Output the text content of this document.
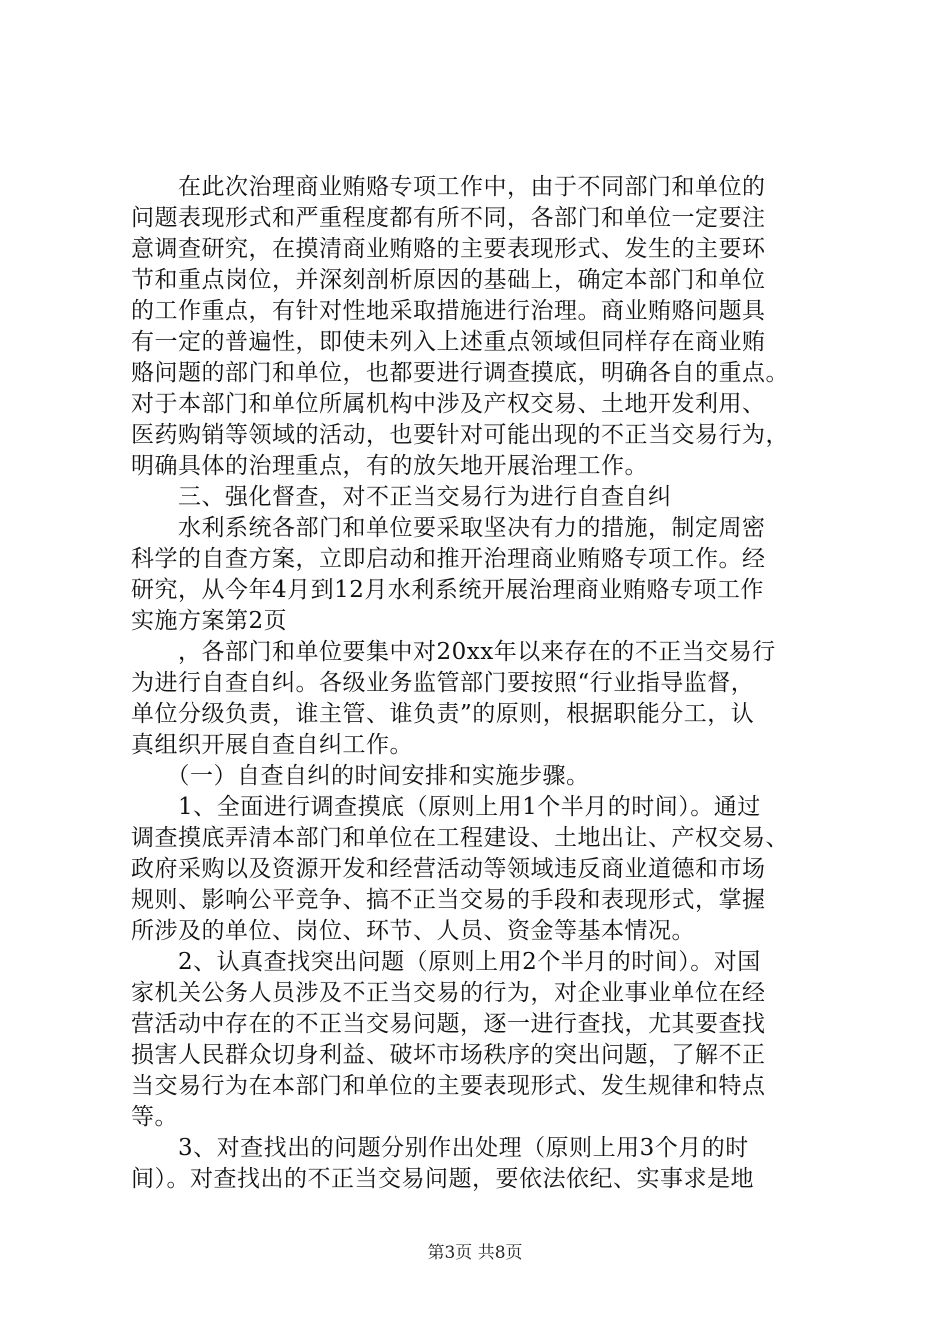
　　在此次治理商业贿赂专项工作中，由于不同部门和单位的
问题表现形式和严重程度都有所不同，各部门和单位一定要注
意调查研究，在摸清商业贿赂的主要表现形式、发生的主要环
节和重点岗位，并深刻剖析原因的基础上，确定本部门和单位
的工作重点，有针对性地采取措施进行治理。商业贿赂问题具
有一定的普遍性，即使未列入上述重点领域但同样存在商业贿
赂问题的部门和单位，也都要进行调查摸底，明确各自的重点。
对于本部门和单位所属机构中涉及产权交易、土地开发利用、
医药购销等领域的活动，也要针对可能出现的不正当交易行为，
明确具体的治理重点，有的放矢地开展治理工作。
　　三、强化督查，对不正当交易行为进行自查自纠
　　水利系统各部门和单位要采取坚决有力的措施，制定周密
科学的自查方案，立即启动和推开治理商业贿赂专项工作。经
研究，从今年4月到12月水利系统开展治理商业贿赂专项工作
实施方案第2页
　　，各部门和单位要集中对20xx年以来存在的不正当交易行
为进行自查自纠。各级业务监管部门要按照“行业指导监督，
单位分级负责，谁主管、谁负责”的原则，根据职能分工，认
真组织开展自查自纠工作。
　　（一）自查自纠的时间安排和实施步骤。
　　1、全面进行调查摸底（原则上用1个半月的时间）。通过
调查摸底弄清本部门和单位在工程建设、土地出让、产权交易、
政府采购以及资源开发和经营活动等领域违反商业道德和市场
规则、影响公平竞争、搞不正当交易的手段和表现形式，掌握
所涉及的单位、岗位、环节、人员、资金等基本情况。
　　2、认真查找突出问题（原则上用2个半月的时间）。对国
家机关公务人员涉及不正当交易的行为，对企业事业单位在经
营活动中存在的不正当交易问题，逐一进行查找，尤其要查找
损害人民群众切身利益、破坏市场秩序的突出问题，了解不正
当交易行为在本部门和单位的主要表现形式、发生规律和特点
等。
　　3、对查找出的问题分别作出处理（原则上用3个月的时
间）。对查找出的不正当交易问题，要依法依纪、实事求是地
第3页 共8页
